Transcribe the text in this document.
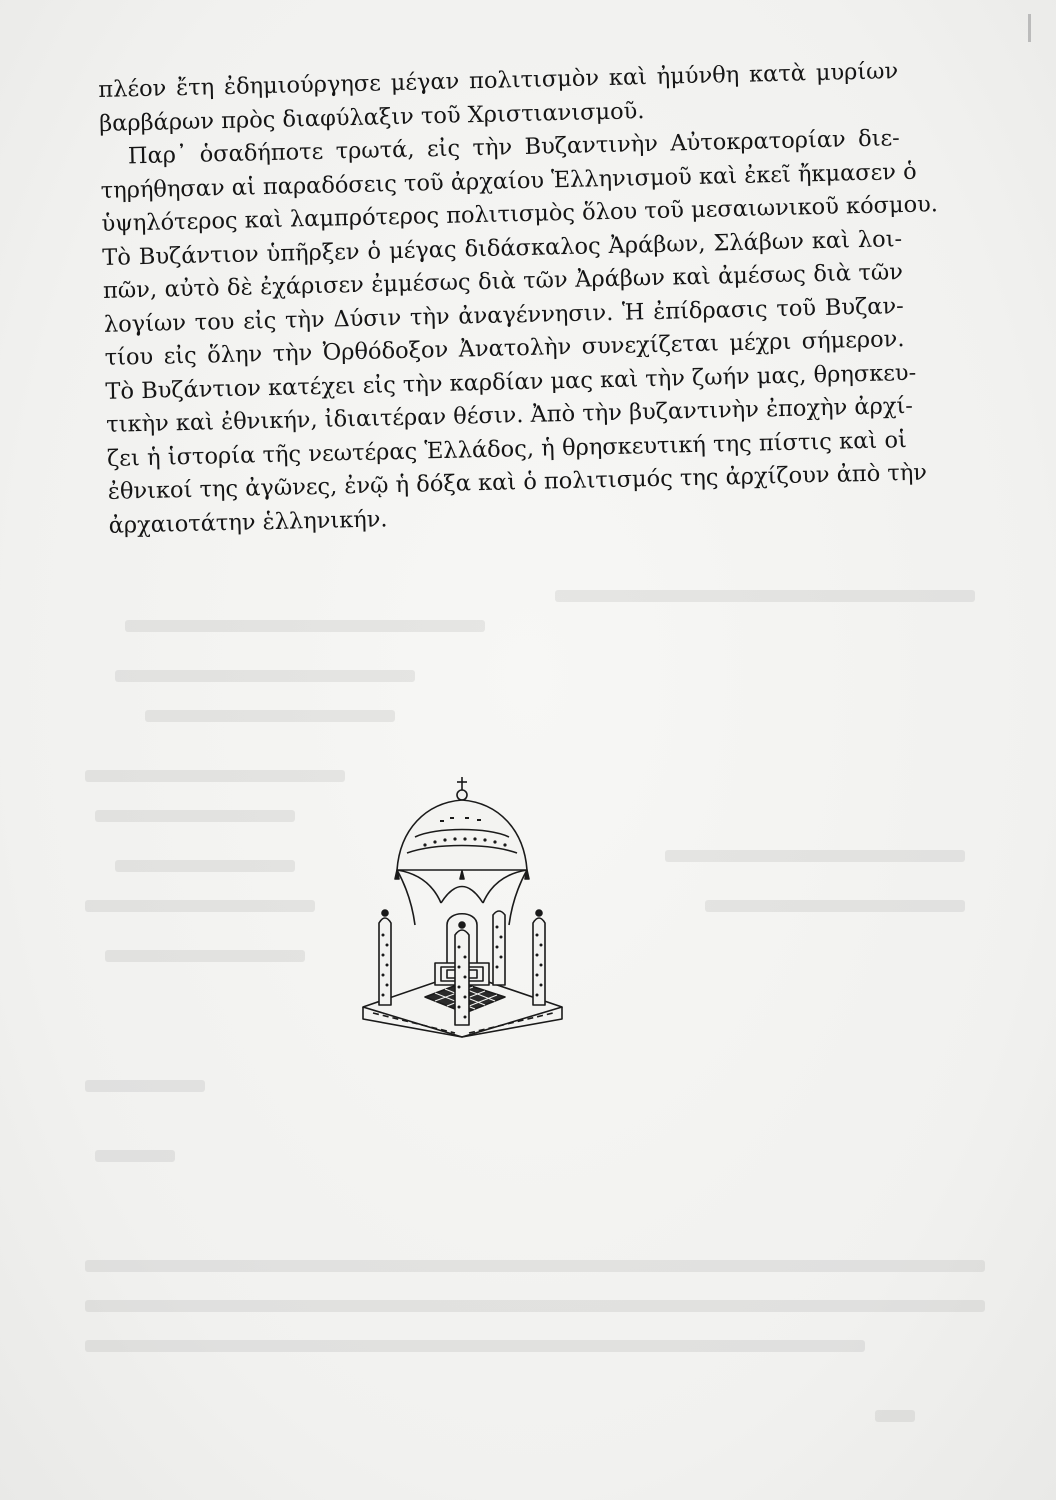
πλέον ἔτη ἐδημιούργησε μέγαν πολιτισμὸν καὶ ἠμύνθη κατὰ μυρίων
βαρβάρων πρὸς διαφύλαξιν τοῦ Χριστιανισμοῦ.
Παρ᾽ ὁσαδήποτε τρωτά, εἰς τὴν Βυζαντινὴν Αὐτοκρατορίαν διε-
τηρήθησαν αἱ παραδόσεις τοῦ ἀρχαίου Ἑλληνισμοῦ καὶ ἐκεῖ ἤκμασεν ὁ
ὑψηλότερος καὶ λαμπρότερος πολιτισμὸς ὅλου τοῦ μεσαιωνικοῦ κόσμου.
Τὸ Βυζάντιον ὑπῆρξεν ὁ μέγας διδάσκαλος Ἀράβων, Σλάβων καὶ λοι-
πῶν, αὐτὸ δὲ ἐχάρισεν ἐμμέσως διὰ τῶν Ἀράβων καὶ ἀμέσως διὰ τῶν
λογίων του εἰς τὴν Δύσιν τὴν ἀναγέννησιν. Ἡ ἐπίδρασις τοῦ Βυζαν-
τίου εἰς ὅλην τὴν Ὀρθόδοξον Ἀνατολὴν συνεχίζεται μέχρι σήμερον.
Τὸ Βυζάντιον κατέχει εἰς τὴν καρδίαν μας καὶ τὴν ζωήν μας, θρησκευ-
τικὴν καὶ ἐθνικήν, ἰδιαιτέραν θέσιν. Ἀπὸ τὴν βυζαντινὴν ἐποχὴν ἀρχί-
ζει ἡ ἱστορία τῆς νεωτέρας Ἑλλάδος, ἡ θρησκευτική της πίστις καὶ οἱ
ἐθνικοί της ἀγῶνες, ἐνῷ ἡ δόξα καὶ ὁ πολιτισμός της ἀρχίζουν ἀπὸ τὴν
ἀρχαιοτάτην ἑλληνικήν.
